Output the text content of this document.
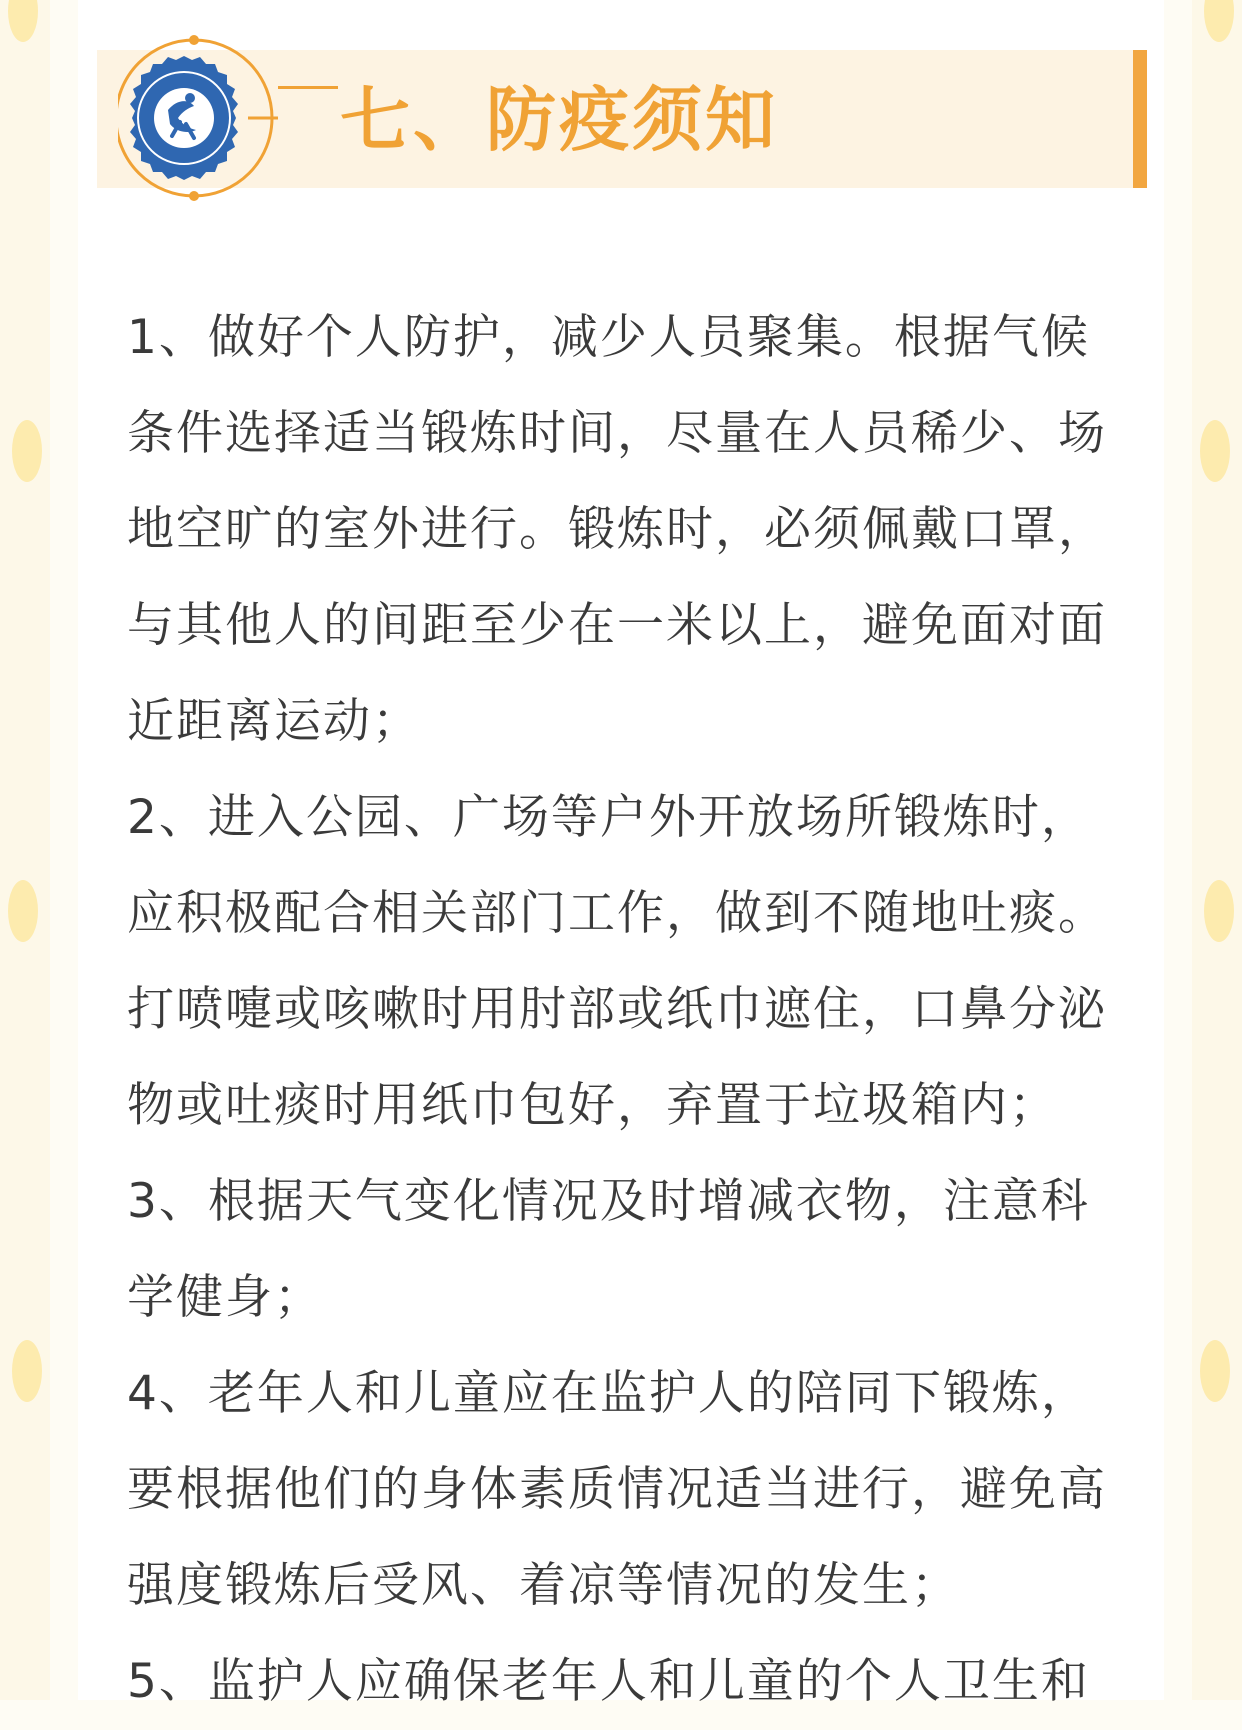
七、防疫须知

1、做好个人防护，减少人员聚集。根据气候条件选择适当锻炼时间，尽量在人员稀少、场地空旷的室外进行。锻炼时，必须佩戴口罩，与其他人的间距至少在一米以上，避免面对面近距离运动；

2、进入公园、广场等户外开放场所锻炼时，应积极配合相关部门工作，做到不随地吐痰。打喷嚏或咳嗽时用肘部或纸巾遮住，口鼻分泌物或吐痰时用纸巾包好，弃置于垃圾箱内；

3、根据天气变化情况及时增减衣物，注意科学健身；

4、老年人和儿童应在监护人的陪同下锻炼，要根据他们的身体素质情况适当进行，避免高强度锻炼后受风、着凉等情况的发生；

5、监护人应确保老年人和儿童的个人卫生和
